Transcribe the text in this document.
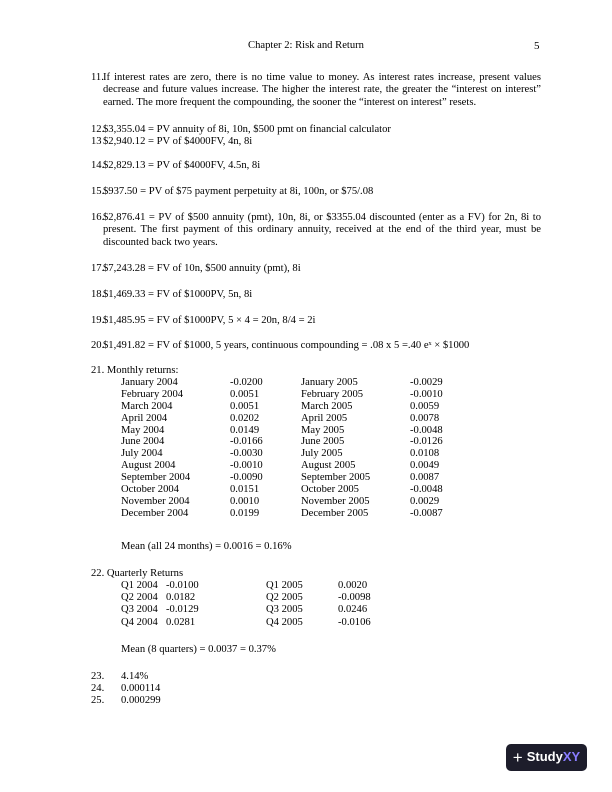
Chapter 2: Risk and Return	5
11. If interest rates are zero, there is no time value to money. As interest rates increase, present values decrease and future values increase. The higher the interest rate, the greater the “interest on interest” earned. The more frequent the compounding, the sooner the “interest on interest” resets.
12.
$3,355.04 = PV annuity of 8i, 10n, $500 pmt on financial calculator
13 $2,940.12 = PV of $4000FV, 4n, 8i
14.
$2,829.13 = PV of $4000FV, 4.5n, 8i
15.
$937.50 = PV of $75 payment perpetuity at 8i, 100n, or $75/.08
16.
$2,876.41 = PV of $500 annuity (pmt), 10n, 8i, or $3355.04 discounted (enter as a FV) for 2n, 8i to present. The first payment of this ordinary annuity, received at the end of the third year, must be discounted back two years.
17.
$7,243.28 = FV of 10n, $500 annuity (pmt), 8i
18.
$1,469.33 = FV of $1000PV, 5n, 8i
19.
$1,485.95 = FV of $1000PV, 5 × 4 = 20n, 8/4 = 2i
20.
$1,491.82 = FV of $1000, 5 years, continuous compounding = .08 x 5 =.40 eˣ × $1000
21. Monthly returns:
January 2004	-0.0200	January 2005	-0.0029
February 2004	0.0051	February 2005	-0.0010
March 2004	0.0051	March 2005	0.0059
April 2004	0.0202	April 2005	0.0078
May 2004	0.0149	May 2005	-0.0048
June 2004	-0.0166	June 2005	-0.0126
July 2004	-0.0030	July 2005	0.0108
August 2004	-0.0010	August 2005	0.0049
September 2004	-0.0090	September 2005	0.0087
October 2004	0.0151	October 2005	-0.0048
November 2004	0.0010	November 2005	0.0029
December 2004	0.0199	December 2005	-0.0087
Mean (all 24 months) = 0.0016 = 0.16%
22. Quarterly Returns
Q1 2004 -0.0100	Q1 2005	0.0020
Q2 2004 0.0182	Q2 2005	-0.0098
Q3 2004 -0.0129	Q3 2005	0.0246
Q4 2004 0.0281	Q4 2005	-0.0106
Mean (8 quarters) = 0.0037 = 0.37%
23. 4.14%
24. 0.000114
25. 0.000299
+ StudyXY
